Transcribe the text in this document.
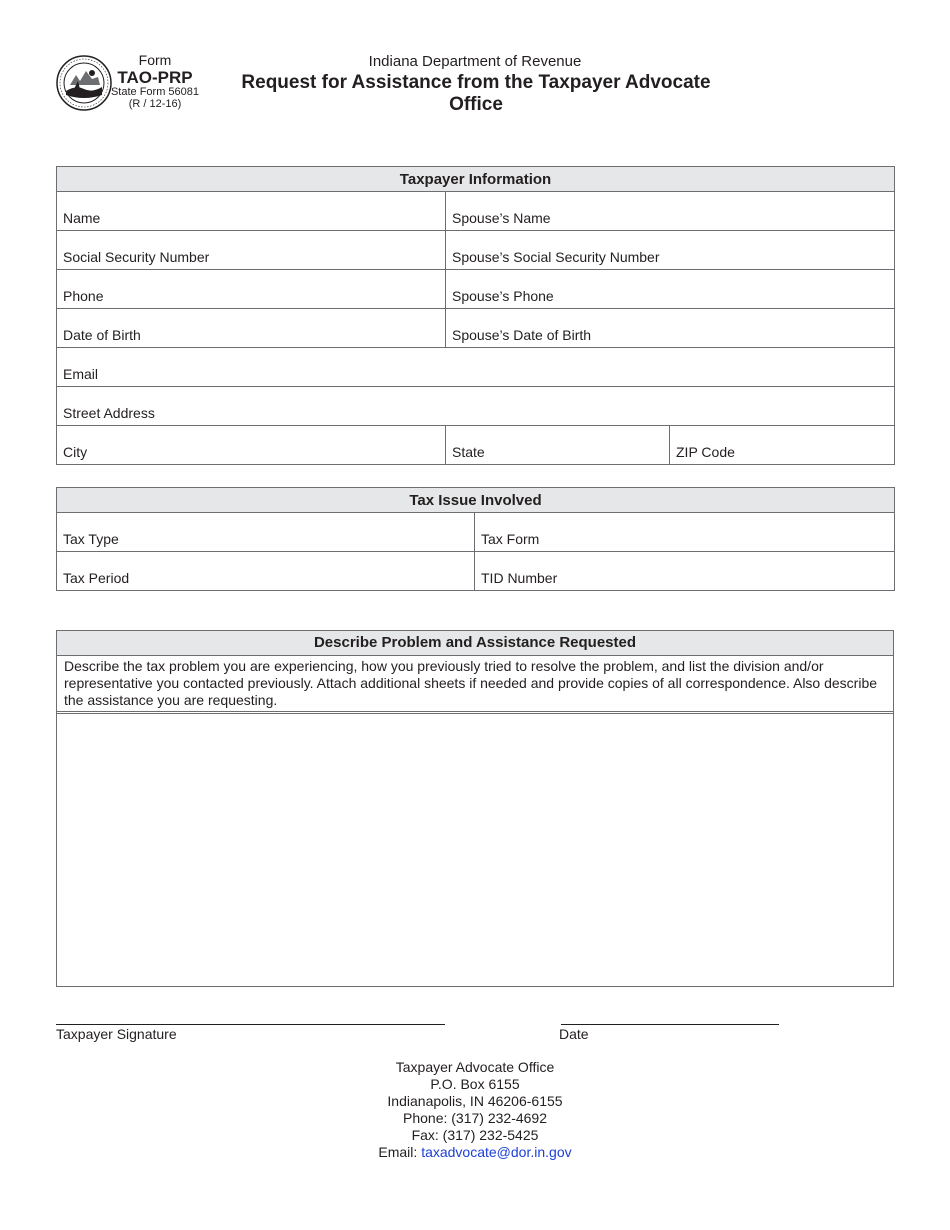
Form
TAO-PRP
State Form 56081
(R / 12-16)
Indiana Department of Revenue
Request for Assistance from the Taxpayer Advocate Office
Taxpayer Information		
Name	Spouse’s Name	
Social Security Number	Spouse’s Social Security Number	
Phone	Spouse’s Phone	
Date of Birth	Spouse’s Date of Birth	
Email		
Street Address		
City	State	ZIP Code
Tax Issue Involved	
Tax Type	Tax Form
Tax Period	TID Number
Describe Problem and Assistance Requested
Describe the tax problem you are experiencing, how you previously tried to resolve the problem, and list the division and/or representative you contacted previously. Attach additional sheets if needed and provide copies of all correspondence. Also describe the assistance you are requesting.
Taxpayer Signature	Date
Taxpayer Advocate Office
P.O. Box 6155
Indianapolis, IN 46206-6155
Phone: (317) 232-4692
Fax: (317) 232-5425
Email: taxadvocate@dor.in.gov
